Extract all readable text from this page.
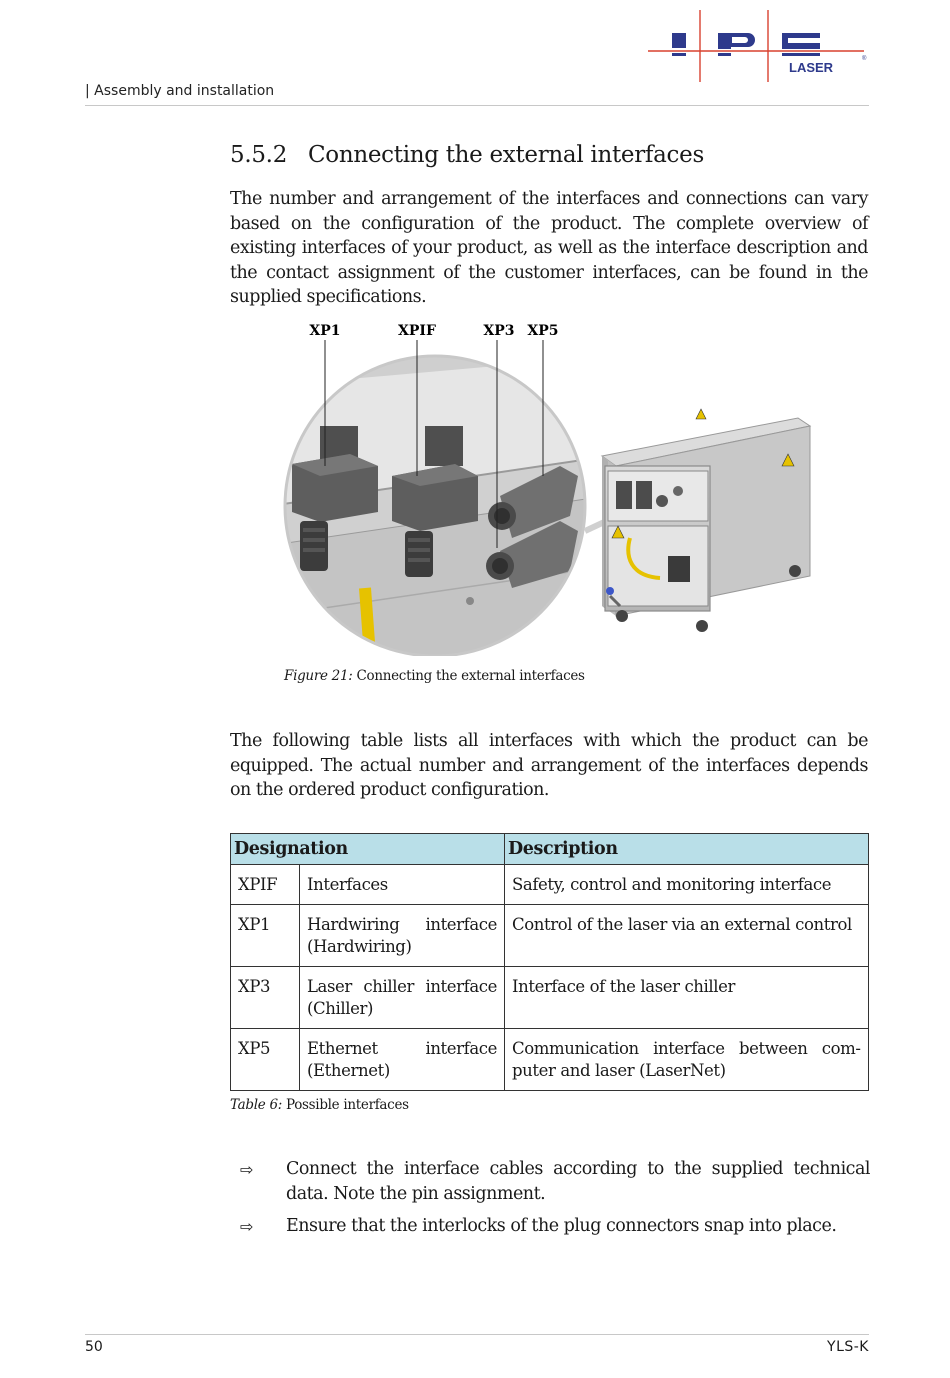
LASER
®
| Assembly and installation
5.5.2 Connecting the external interfaces

The number and arrangement of the interfaces and connections can vary based on the configuration of the product. The complete overview of existing interfaces of your product, as well as the interface description and the contact assignment of the customer interfaces, can be found in the supplied specifications.

XP1	XPIF	XP3 XP5
Figure 21: Connecting the external interfaces

The following table lists all interfaces with which the product can be equipped. The actual number and arrangement of the interfaces depends on the ordered product configuration.

Designation		Description
XPIF	Interfaces	Safety, control and monitoring interface
XP1	Hardwiring interface (Hardwiring)	Control of the laser via an external control
XP3	Laser chiller interface (Chiller)	Interface of the laser chiller
XP5	Ethernet interface (Ethernet)	Communication interface between computer and laser (LaserNet)
Table 6: Possible interfaces
⇨	Connect the interface cables according to the supplied technical data. Note the pin assignment.
⇨	Ensure that the interlocks of the plug connectors snap into place.
50	YLS-K
